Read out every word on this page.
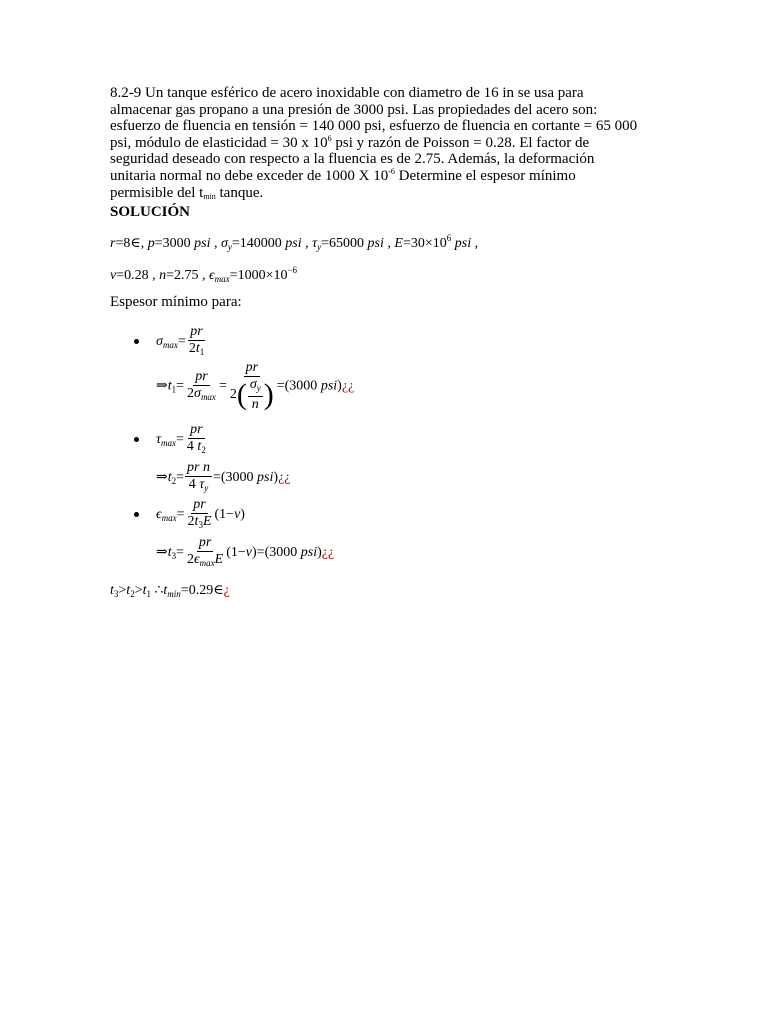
8.2-9 Un tanque esférico de acero inoxidable con diametro de 16 in se usa para
almacenar gas propano a una presión de 3000 psi. Las propiedades del acero son:
esfuerzo de fluencia en tensión = 140 000 psi, esfuerzo de fluencia en cortante = 65 000
psi, módulo de elasticidad = 30 x $10^6$ psi y razón de Poisson = 0.28. El factor de
seguridad deseado con respecto a la fluencia es de 2.75. Además, la deformación
unitaria normal no debe exceder de 1000 X $10^{-6}$ Determine el espesor mínimo
permisible del $t_{min}$ tanque.
SOLUCIÓN
r=8∈, p=3000 psi , $\sigma_y=140000$ psi , $\tau_y=65000$ psi , $E=30\times 10^6$ psi ,
v=0.28 , n=2.75 , $\epsilon_{max}=1000\times 10^{-6}$
Espesor mínimo para:
$\sigma_{max}= \frac{pr}{2t_1}$
$\Rightarrow t_1= \frac{pr}{2\sigma_{max}} = \frac{pr}{2( \frac{\sigma_y}{n} )} =(3000$ psi)¿¿
$\tau_{max}= \frac{pr}{4 t_2}$
$\Rightarrow t_2= \frac{\text{pr n}}{4 \tau_y} =(3000$ psi)¿¿
$\epsilon_{max}= \frac{pr}{2t_3E} (1-v)$
$\Rightarrow t_3= \frac{pr}{2\epsilon_{max}E} (1-v)=(3000$ psi)¿¿
$t_3>t_2>t_1$ $\therefore t_{min}=0.29\in¿$
